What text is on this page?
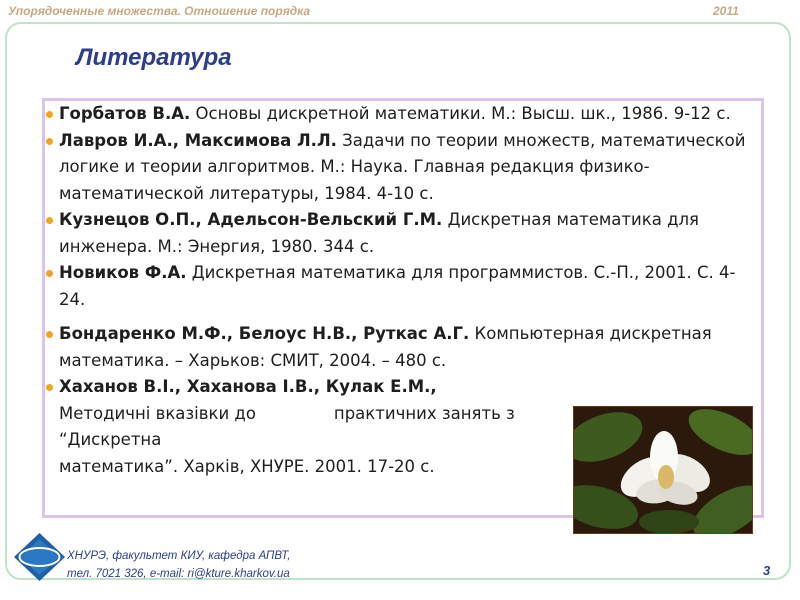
Упорядоченные множества. Отношение порядка	2011
Литература
Горбатов В.А. Основы дискретной математики. М.: Высш. шк., 1986. 9-12 с.
Лавров И.А., Максимова Л.Л. Задачи по теории множеств, математической логике и теории алгоритмов. М.: Наука. Главная редакция физико-математической литературы, 1984. 4-10 с.
Кузнецов О.П., Адельсон-Вельский Г.М. Дискретная математика для инженера. М.: Энергия, 1980. 344 с.
Новиков Ф.А. Дискретная математика для программистов. С.-П., 2001. С. 4-24.
Бондаренко М.Ф., Белоус Н.В., Руткас А.Г. Компьютерная дискретная математика. – Харьков: СМИТ, 2004. – 480 с.
Хаханов В.І., Хаханова І.В., Кулак Е.М.,
Методичні вказівки до	практичних занять з
“Дискретна
математика”. Харків, ХНУРЕ. 2001. 17-20 с.
ХНУРЭ, факультет КИУ, кафедра АПВТ,
тел. 7021 326, e-mail: ri@kture.kharkov.ua	3
